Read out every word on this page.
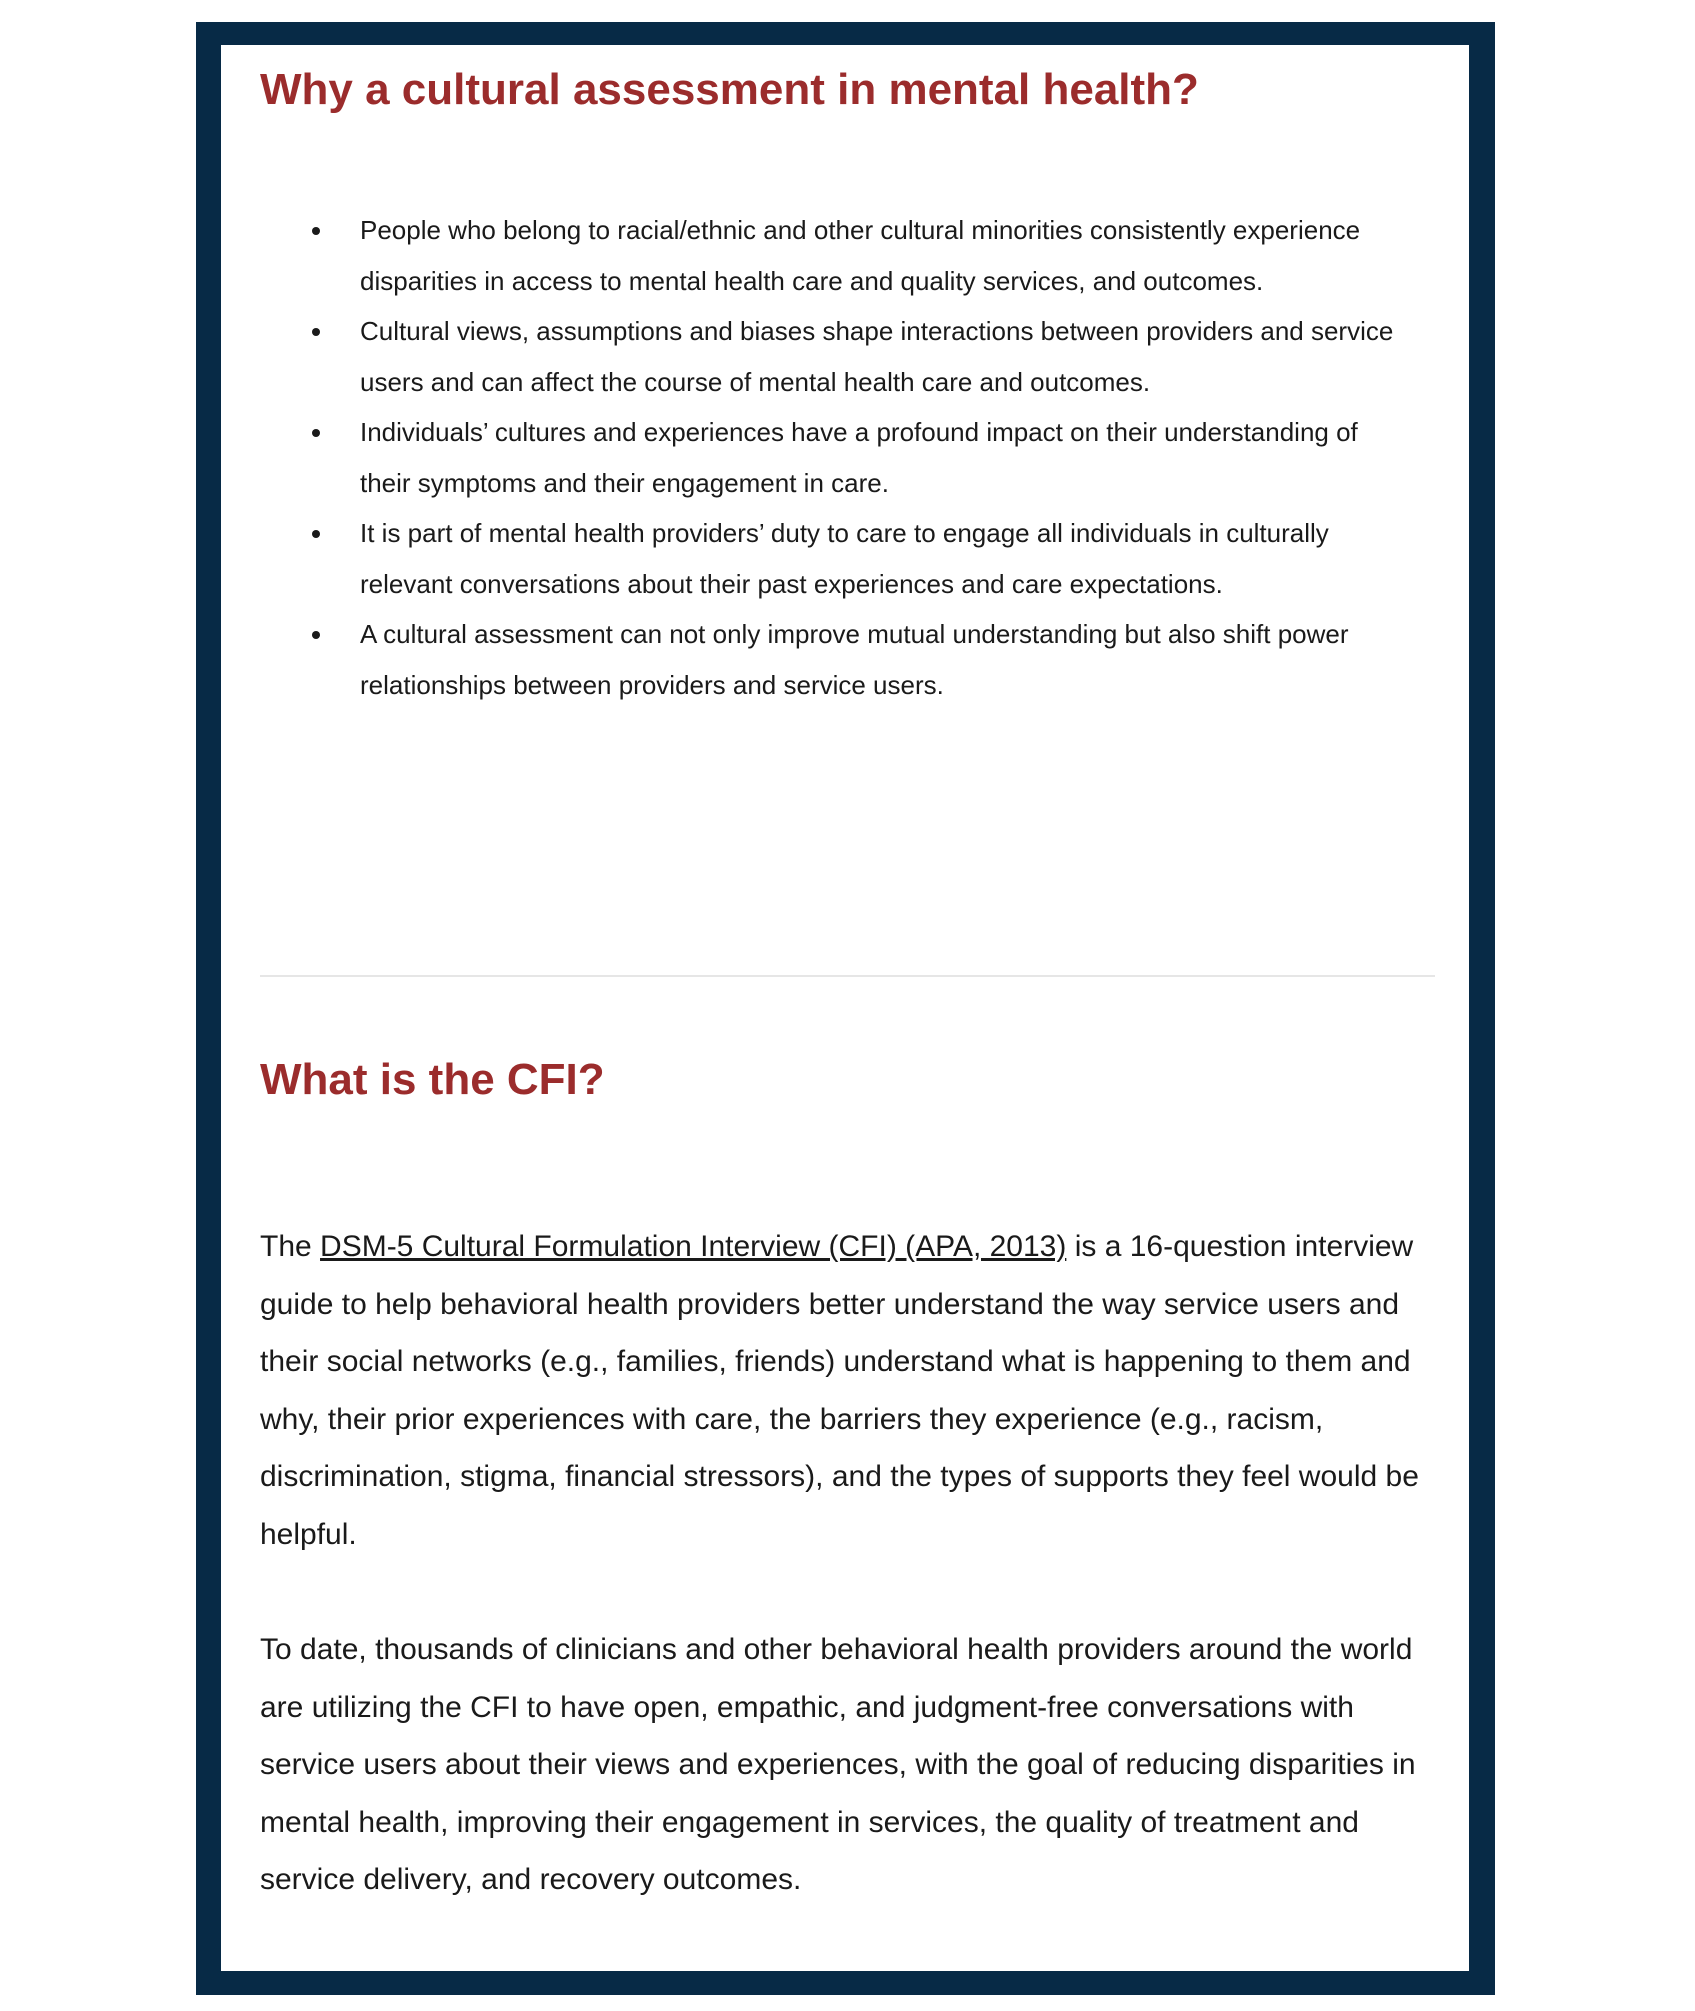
Why a cultural assessment in mental health?
People who belong to racial/ethnic and other cultural minorities consistently experience disparities in access to mental health care and quality services, and outcomes.
Cultural views, assumptions and biases shape interactions between providers and service users and can affect the course of mental health care and outcomes.
Individuals’ cultures and experiences have a profound impact on their understanding of their symptoms and their engagement in care.
It is part of mental health providers’ duty to care to engage all individuals in culturally relevant conversations about their past experiences and care expectations.
A cultural assessment can not only improve mutual understanding but also shift power relationships between providers and service users.
What is the CFI?

The DSM-5 Cultural Formulation Interview (CFI) (APA, 2013) is a 16-question interview guide to help behavioral health providers better understand the way service users and their social networks (e.g., families, friends) understand what is happening to them and why, their prior experiences with care, the barriers they experience (e.g., racism, discrimination, stigma, financial stressors), and the types of supports they feel would be helpful.

To date, thousands of clinicians and other behavioral health providers around the world are utilizing the CFI to have open, empathic, and judgment-free conversations with service users about their views and experiences, with the goal of reducing disparities in mental health, improving their engagement in services, the quality of treatment and service delivery, and recovery outcomes.
